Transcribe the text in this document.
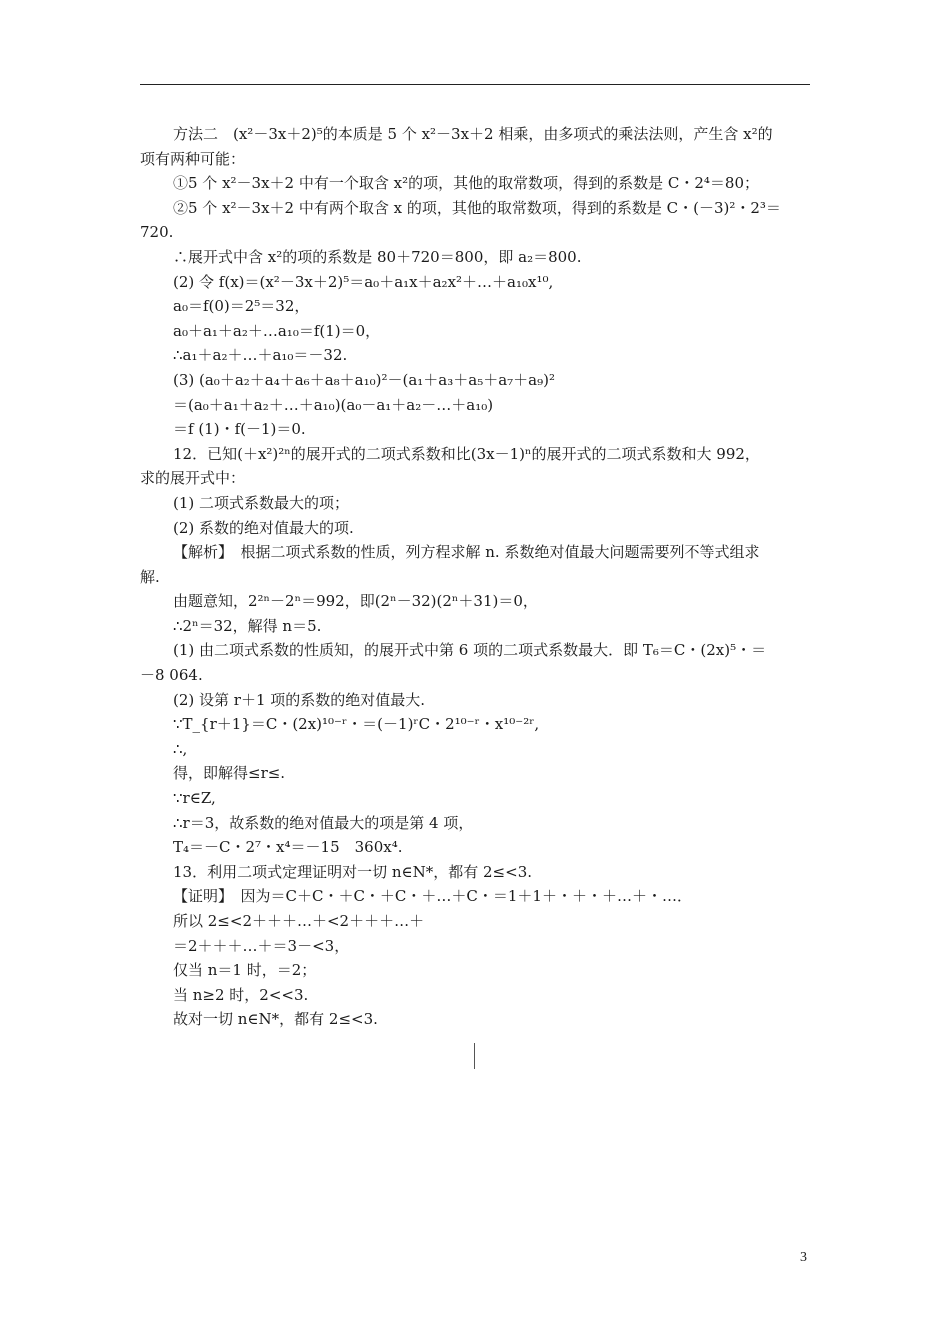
方法二　(x²－3x＋2)⁵的本质是 5 个 x²－3x＋2 相乘，由多项式的乘法法则，产生含 x²的

项有两种可能：

①5 个 x²－3x＋2 中有一个取含 x²的项，其他的取常数项，得到的系数是 C・2⁴＝80；

②5 个 x²－3x＋2 中有两个取含 x 的项，其他的取常数项，得到的系数是 C・(－3)²・2³＝

720.

∴展开式中含 x²的项的系数是 80＋720＝800，即 a₂＝800.

(2) 令 f(x)＝(x²－3x＋2)⁵＝a₀＋a₁x＋a₂x²＋…＋a₁₀x¹⁰,

a₀＝f(0)＝2⁵＝32，

a₀＋a₁＋a₂＋…a₁₀＝f(1)＝0，

∴a₁＋a₂＋…＋a₁₀＝－32.

(3) (a₀＋a₂＋a₄＋a₆＋a₈＋a₁₀)²－(a₁＋a₃＋a₅＋a₇＋a₉)²

＝(a₀＋a₁＋a₂＋…＋a₁₀)(a₀－a₁＋a₂－…＋a₁₀)

＝f (1)・f(－1)＝0.

12．已知(＋x²)²ⁿ的展开式的二项式系数和比(3x－1)ⁿ的展开式的二项式系数和大 992，

求的展开式中：

(1) 二项式系数最大的项；

(2) 系数的绝对值最大的项.

【解析】　根据二项式系数的性质，列方程求解 n. 系数绝对值最大问题需要列不等式组求

解.

由题意知，2²ⁿ－2ⁿ＝992，即(2ⁿ－32)(2ⁿ＋31)＝0，

∴2ⁿ＝32，解得 n＝5.

(1) 由二项式系数的性质知，的展开式中第 6 项的二项式系数最大．即 T₆＝C・(2x)⁵・＝

－8 064.

(2) 设第 r＋1 项的系数的绝对值最大.

∵T_{r＋1}＝C・(2x)¹⁰⁻ʳ・＝(－1)ʳC・2¹⁰⁻ʳ・x¹⁰⁻²ʳ,

∴,

得，即解得≤r≤.

∵r∈Z,

∴r＝3，故系数的绝对值最大的项是第 4 项，

T₄＝－C・2⁷・x⁴＝－15　360x⁴.

13．利用二项式定理证明对一切 n∈N*，都有 2≤<3.

【证明】　因为＝C＋C・＋C・＋C・＋…＋C・＝1＋1＋・＋・＋…＋・…．

所以 2≤<2＋＋＋…＋<2＋＋＋…＋

＝2＋＋＋…＋＝3－<3，

仅当 n＝1 时，＝2；

当 n≥2 时，2<<3.

故对一切 n∈N*，都有 2≤<3.

3
